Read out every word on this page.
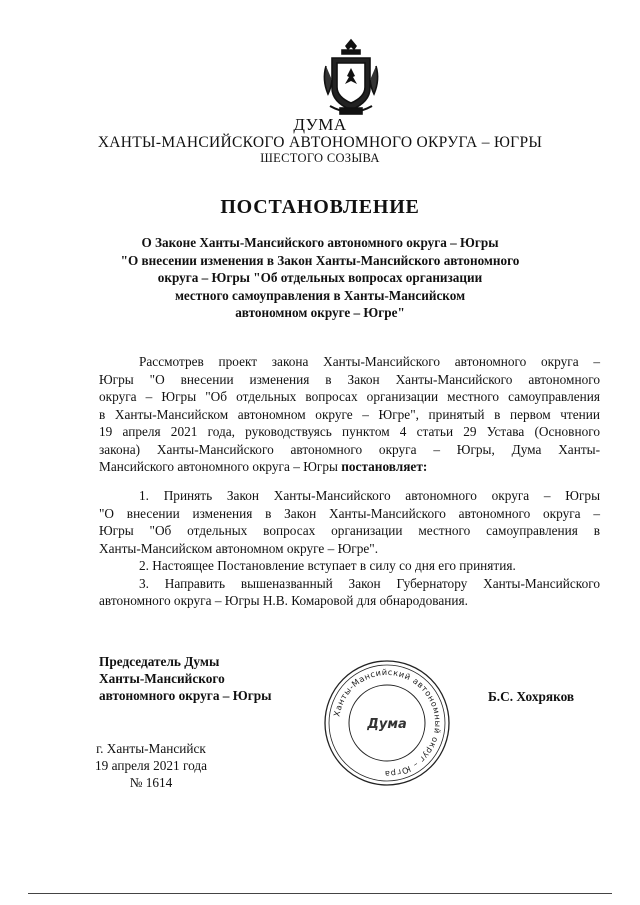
ДУМА
ХАНТЫ-МАНСИЙСКОГО АВТОНОМНОГО ОКРУГА – ЮГРЫ
ШЕСТОГО СОЗЫВА
ПОСТАНОВЛЕНИЕ
О Законе Ханты-Мансийского автономного округа – Югры
"О внесении изменения в Закон Ханты-Мансийского автономного
округа – Югры "Об отдельных вопросах организации
местного самоуправления в Ханты-Мансийском
автономном округе – Югре"
Рассмотрев проект закона Ханты-Мансийского автономного округа –
Югры "О внесении изменения в Закон Ханты-Мансийского автономного
округа – Югры "Об отдельных вопросах организации местного самоуправления
в Ханты-Мансийском автономном округе – Югре", принятый в первом чтении
19 апреля 2021 года, руководствуясь пунктом 4 статьи 29 Устава (Основного
закона) Ханты-Мансийского автономного округа – Югры, Дума Ханты-
Мансийского автономного округа – Югры постановляет:
1. Принять Закон Ханты-Мансийского автономного округа – Югры
"О внесении изменения в Закон Ханты-Мансийского автономного округа –
Югры "Об отдельных вопросах организации местного самоуправления в
Ханты-Мансийском автономном округе – Югре".
2. Настоящее Постановление вступает в силу со дня его принятия.
3. Направить вышеназванный Закон Губернатору Ханты-Мансийского
автономного округа – Югры Н.В. Комаровой для обнародования.
Председатель Думы
Ханты-Мансийского
автономного округа – Югры
Ханты-Мансийский автономный округ – Югра
Дума
Б.С. Хохряков
г. Ханты-Мансийск
19 апреля 2021 года
№ 1614
